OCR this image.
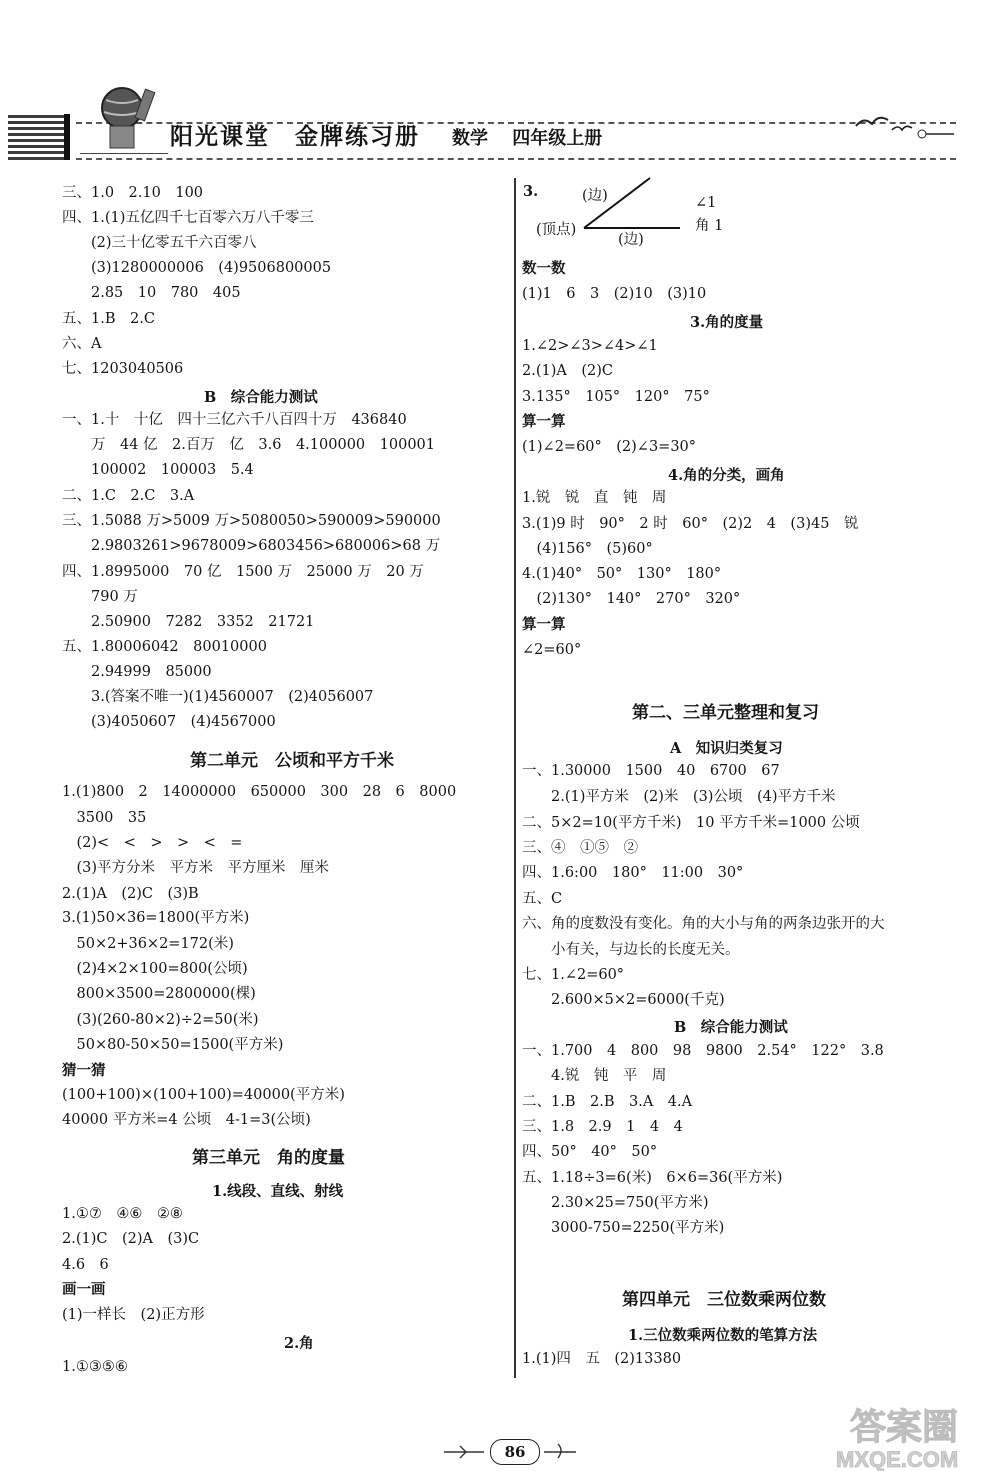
阳光课堂　金牌练习册 数学 四年级上册
三、1.0　2.10　100
四、1.(1)五亿四千七百零六万八千零三
　　(2)三十亿零五千六百零八
　　(3)1280000006　(4)9506800005
　　2.85　10　780　405
五、1.B　2.C
六、A
七、1203040506
B　综合能力测试
一、1.十　十亿　四十三亿六千八百四十万　436840
　　万　44 亿　2.百万　亿　3.6　4.100000　100001
　　100002　100003　5.4
二、1.C　2.C　3.A
三、1.5088 万>5009 万>5080050>590009>590000
　　2.9803261>9678009>6803456>680006>68 万
四、1.8995000　70 亿　1500 万　25000 万　20 万
　　790 万
　　2.50900　7282　3352　21721
五、1.80006042　80010000
　　2.94999　85000
　　3.(答案不唯一)(1)4560007　(2)4056007
　　(3)4050607　(4)4567000
第二单元　公顷和平方千米
1.(1)800　2　14000000　650000　300　28　6　8000
　3500　35
　(2)<　<　>　>　<　=
　(3)平方分米　平方米　平方厘米　厘米
2.(1)A　(2)C　(3)B
3.(1)50×36=1800(平方米)
　50×2+36×2=172(米)
　(2)4×2×100=800(公顷)
　800×3500=2800000(棵)
　(3)(260-80×2)÷2=50(米)
　50×80-50×50=1500(平方米)
猜一猜
(100+100)×(100+100)=40000(平方米)
40000 平方米=4 公顷　4-1=3(公顷)
第三单元　角的度量
1.线段、直线、射线
1.①⑦　④⑥　②⑧
2.(1)C　(2)A　(3)C
4.6　6
画一画
(1)一样长　(2)正方形
2.角
1.①③⑤⑥
3.	(边)
(顶点)
(边)
∠1
角 1
数一数
(1)1　6　3　(2)10　(3)10
3.角的度量
1.∠2>∠3>∠4>∠1
2.(1)A　(2)C
3.135°　105°　120°　75°
算一算
(1)∠2=60°　(2)∠3=30°
4.角的分类，画角
1.锐　锐　直　钝　周
3.(1)9 时　90°　2 时　60°　(2)2　4　(3)45　锐
　(4)156°　(5)60°
4.(1)40°　50°　130°　180°
　(2)130°　140°　270°　320°
算一算
∠2=60°
第二、三单元整理和复习
A　知识归类复习
一、1.30000　1500　40　6700　67
　　2.(1)平方米　(2)米　(3)公顷　(4)平方千米
二、5×2=10(平方千米)　10 平方千米=1000 公顷
三、④　①⑤　②
四、1.6:00　180°　11:00　30°
五、C
六、角的度数没有变化。角的大小与角的两条边张开的大
　　小有关，与边长的长度无关。
七、1.∠2=60°
　　2.600×5×2=6000(千克)
B　综合能力测试
一、1.700　4　800　98　9800　2.54°　122°　3.8
　　4.锐　钝　平　周
二、1.B　2.B　3.A　4.A
三、1.8　2.9　1　4　4
四、50°　40°　50°
五、1.18÷3=6(米)　6×6=36(平方米)
　　2.30×25=750(平方米)
　　3000-750=2250(平方米)
第四单元　三位数乘两位数
1.三位数乘两位数的笔算方法
1.(1)四　五　(2)13380
86
答案圈
MXQE.COM
